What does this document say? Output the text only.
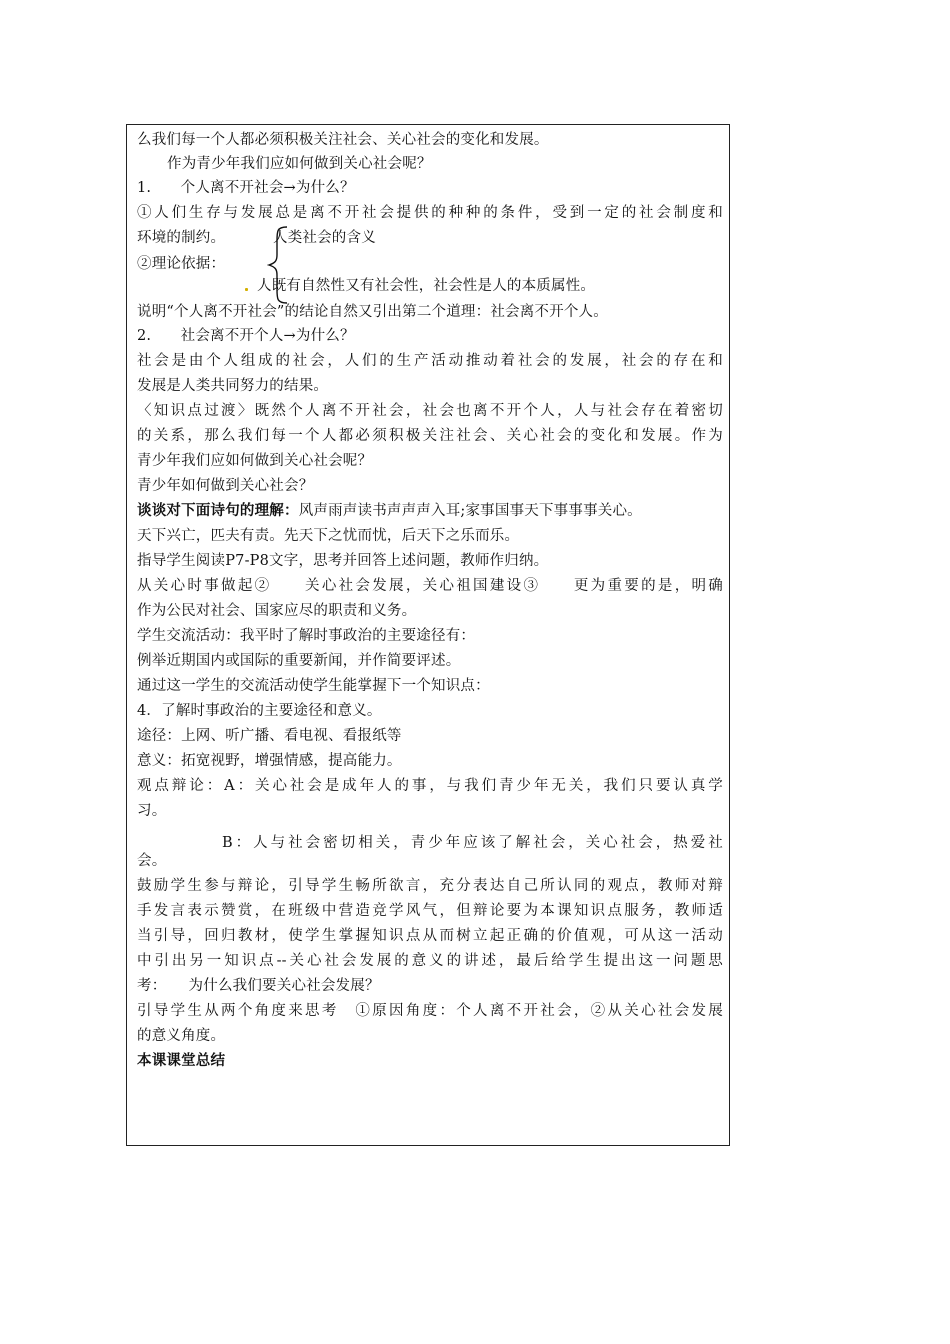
么我们每一个人都必须积极关注社会、关心社会的变化和发展。
作为青少年我们应如何做到关心社会呢？
1.　　个人离不开社会→为什么？
①人们生存与发展总是离不开社会提供的种种的条件，受到一定的社会制度和
环境的制约。	人类社会的含义
②理论依据：
人既有自然性又有社会性，社会性是人的本质属性。
说明“个人离不开社会”的结论自然又引出第二个道理：社会离不开个人。
2.　　社会离不开个人→为什么？
社会是由个人组成的社会，人们的生产活动推动着社会的发展，社会的存在和
发展是人类共同努力的结果。
〈知识点过渡〉既然个人离不开社会，社会也离不开个人，人与社会存在着密切
的关系，那么我们每一个人都必须积极关注社会、关心社会的变化和发展。作为
青少年我们应如何做到关心社会呢？
青少年如何做到关心社会？
谈谈对下面诗句的理解：风声雨声读书声声声入耳;家事国事天下事事事关心。
天下兴亡，匹夫有责。先天下之忧而忧，后天下之乐而乐。
指导学生阅读P7-P8文字，思考并回答上述问题，教师作归纳。
从关心时事做起②　　关心社会发展，关心祖国建设③　　更为重要的是，明确
作为公民对社会、国家应尽的职责和义务。
学生交流活动：我平时了解时事政治的主要途径有：
例举近期国内或国际的重要新闻，并作简要评述。
通过这一学生的交流活动使学生能掌握下一个知识点：
4．了解时事政治的主要途径和意义。
途径：上网、听广播、看电视、看报纸等
意义：拓宽视野，增强情感，提高能力。
观点辩论：A：关心社会是成年人的事，与我们青少年无关，我们只要认真学
习。
B：人与社会密切相关，青少年应该了解社会，关心社会，热爱社
会。
鼓励学生参与辩论，引导学生畅所欲言，充分表达自己所认同的观点，教师对辩
手发言表示赞赏，在班级中营造竞学风气，但辩论要为本课知识点服务，教师适
当引导，回归教材，使学生掌握知识点从而树立起正确的价值观，可从这一活动
中引出另一知识点--关心社会发展的意义的讲述，最后给学生提出这一问题思
考：　　为什么我们要关心社会发展？
引导学生从两个角度来思考　①原因角度：个人离不开社会，②从关心社会发展
的意义角度。
本课课堂总结
